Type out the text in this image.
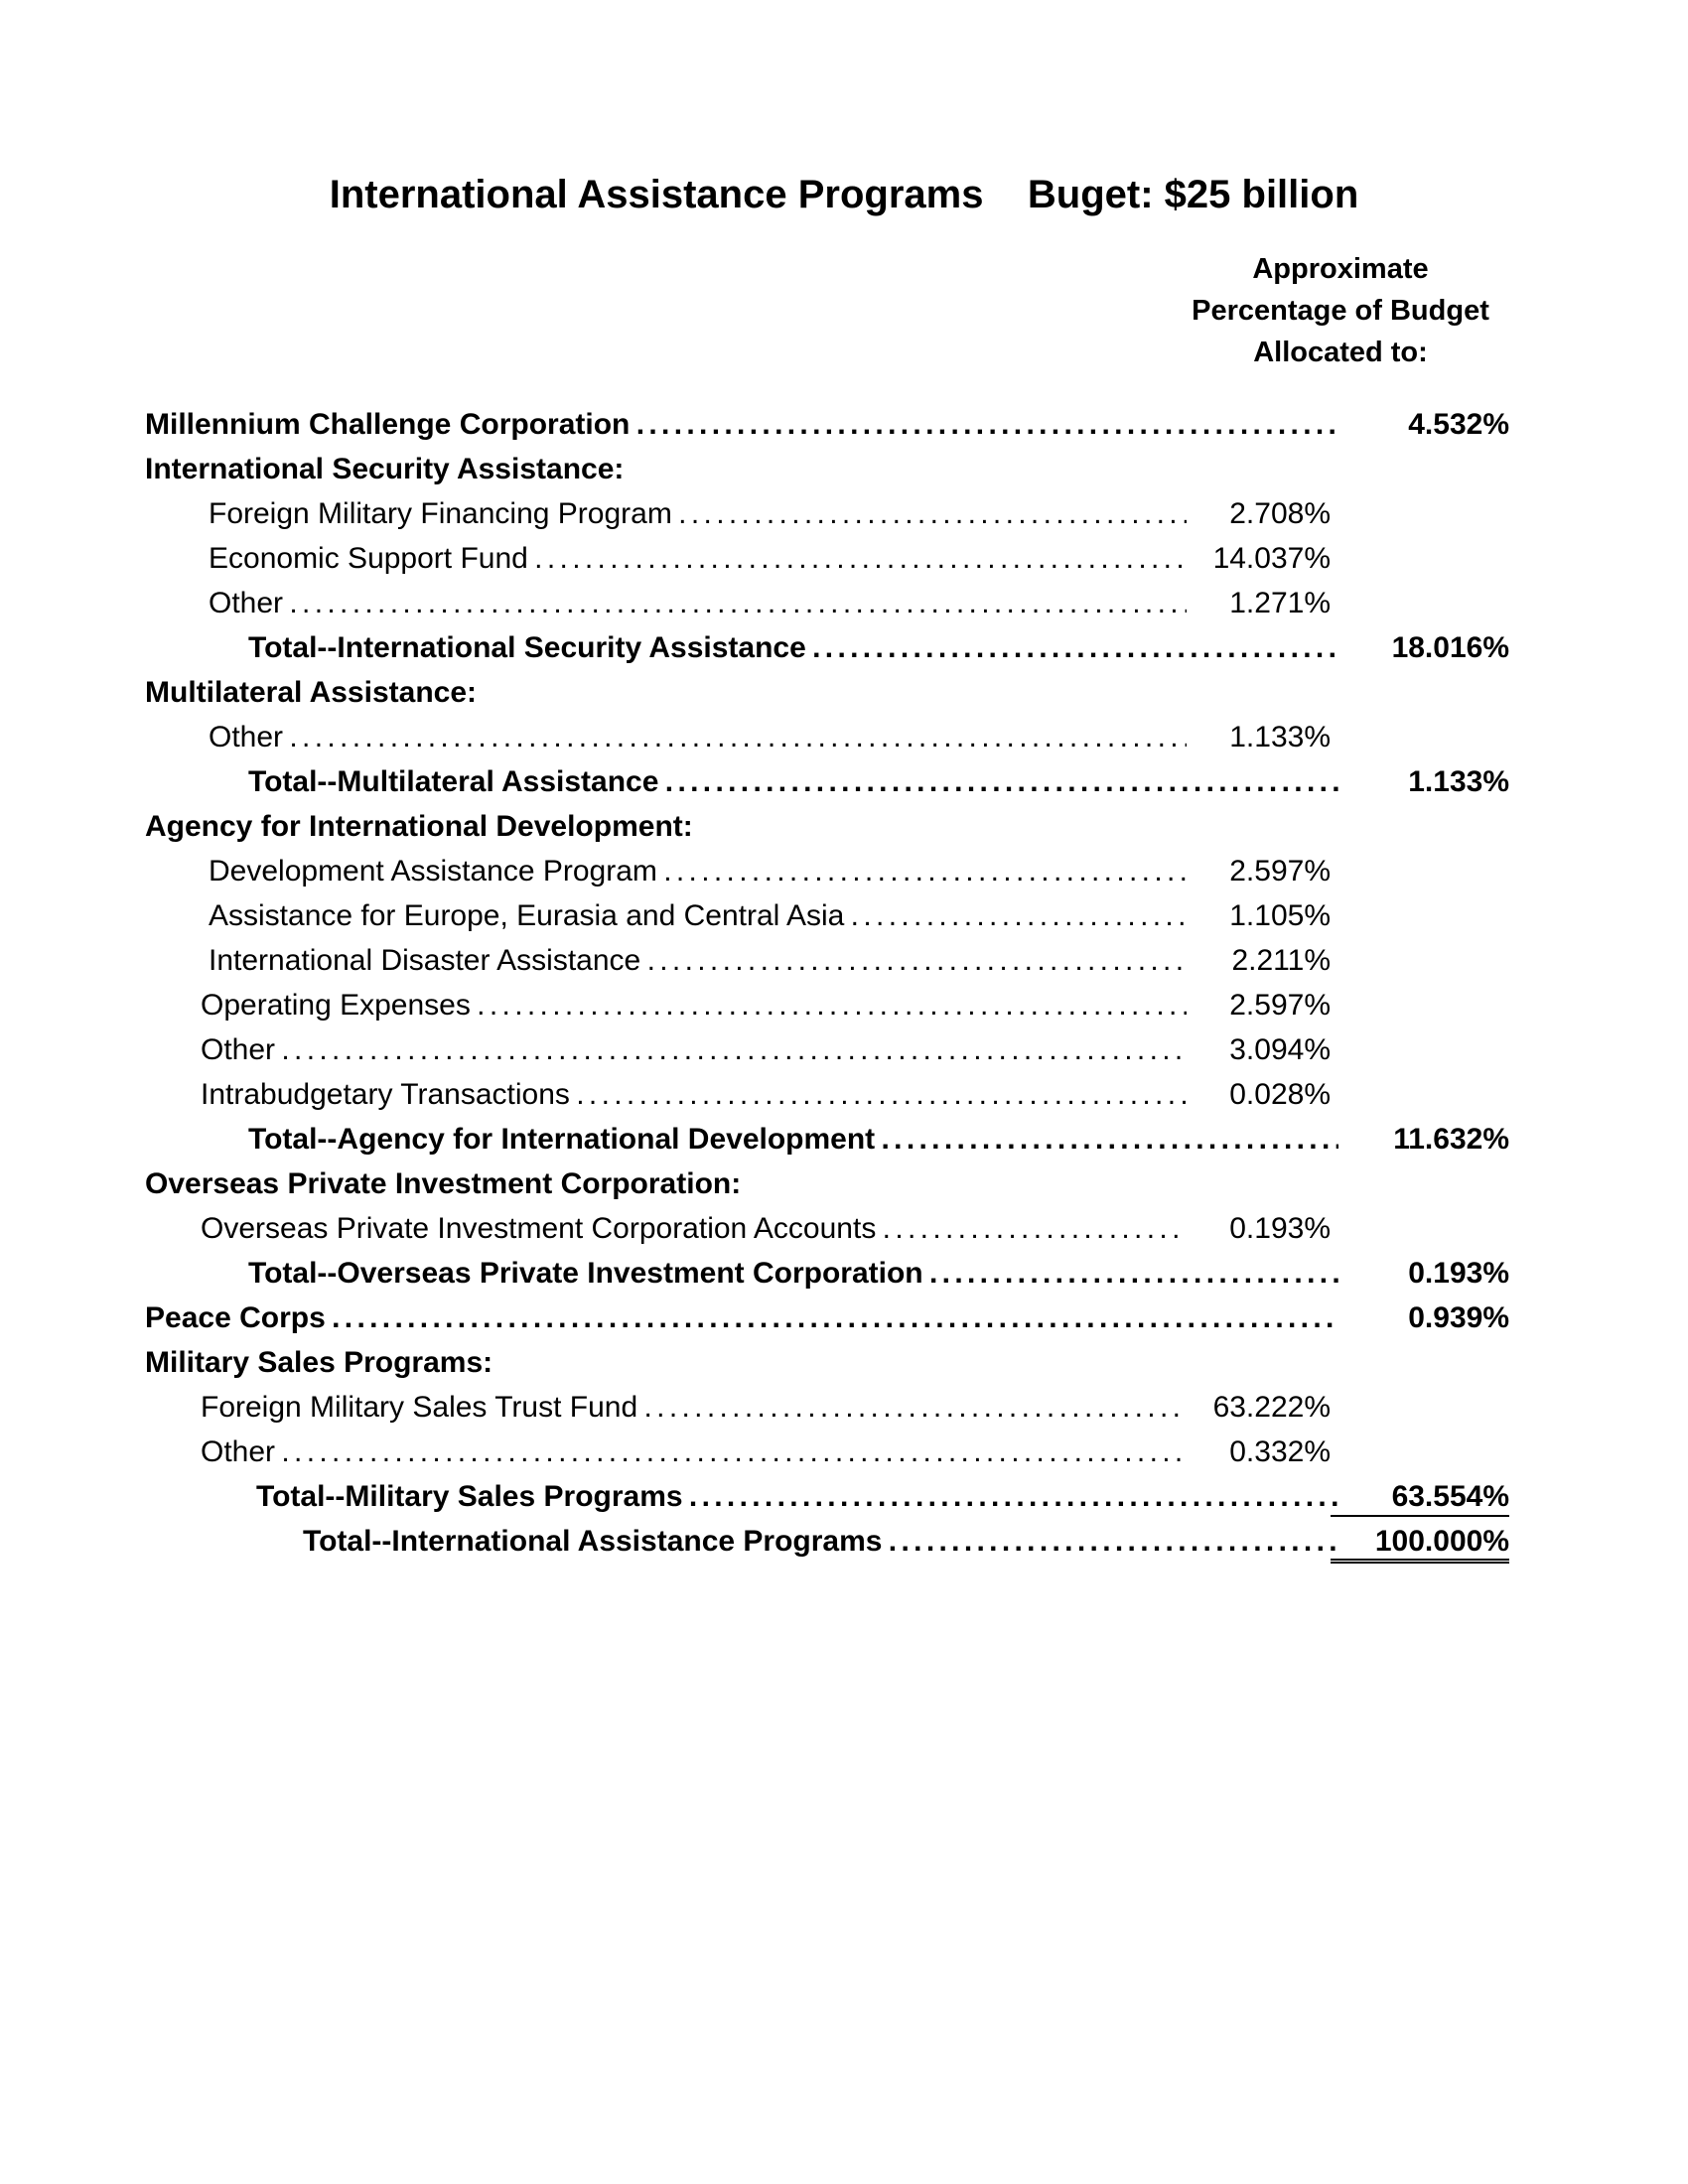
International Assistance Programs    Buget: $25 billion
Approximate
Percentage of Budget
Allocated to:
Millennium Challenge Corporation . . .	4.532%
International Security Assistance:
Foreign Military Financing Program . . .	2.708%
Economic Support Fund . . .	14.037%
Other . . .	1.271%
Total--International Security Assistance . . .	18.016%
Multilateral Assistance:
Other . . .	1.133%
Total--Multilateral Assistance . . .	1.133%
Agency for International Development:
Development Assistance Program . . .	2.597%
Assistance for Europe, Eurasia and Central Asia . . .	1.105%
International Disaster Assistance . . .	2.211%
Operating Expenses . . .	2.597%
Other . . .	3.094%
Intrabudgetary Transactions . . .	0.028%
Total--Agency for International Development . . .	11.632%
Overseas Private Investment Corporation:
Overseas Private Investment Corporation Accounts . . .	0.193%
Total--Overseas Private Investment Corporation . . .	0.193%
Peace Corps . . .	0.939%
Military Sales Programs:
Foreign Military Sales Trust Fund . . .	63.222%
Other . . .	0.332%
Total--Military Sales Programs . . .	63.554%
Total--International Assistance Programs . . .	100.000%
